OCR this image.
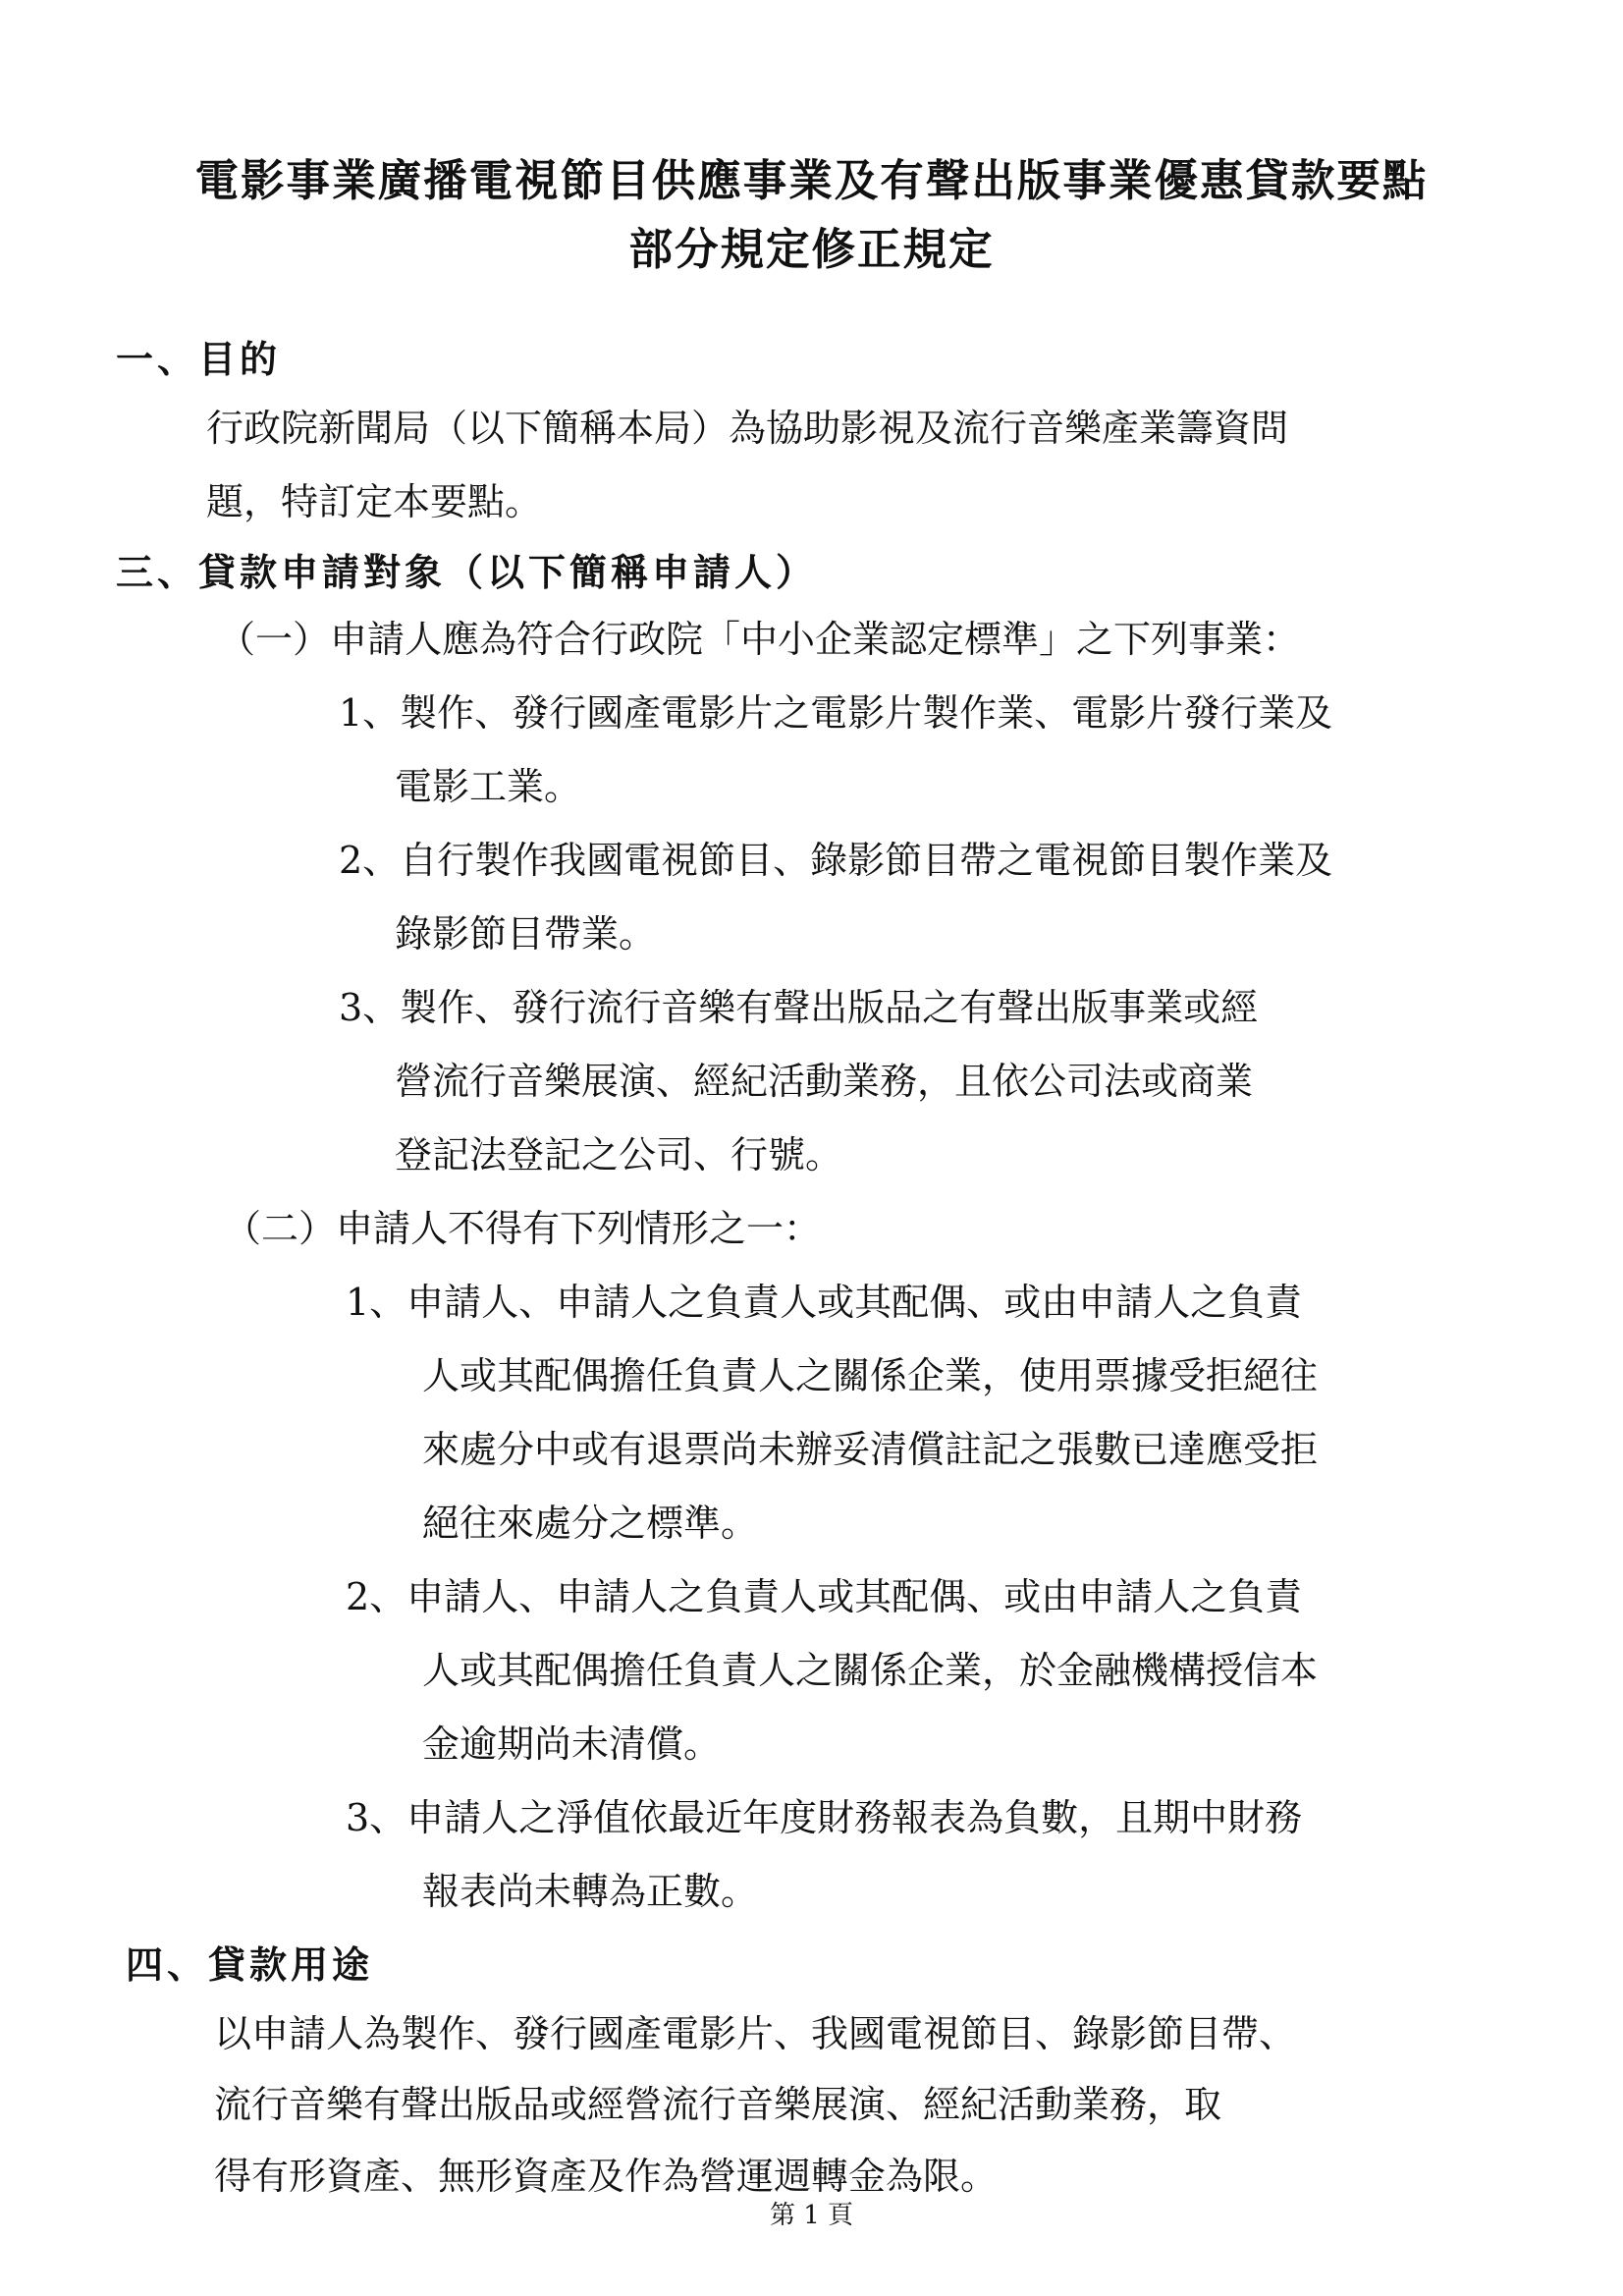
電影事業廣播電視節目供應事業及有聲出版事業優惠貸款要點
部分規定修正規定
一、目的
行政院新聞局（以下簡稱本局）為協助影視及流行音樂產業籌資問
題，特訂定本要點。
三、貸款申請對象（以下簡稱申請人）
（一）申請人應為符合行政院「中小企業認定標準」之下列事業：
1、製作、發行國產電影片之電影片製作業、電影片發行業及
電影工業。
2、自行製作我國電視節目、錄影節目帶之電視節目製作業及
錄影節目帶業。
3、製作、發行流行音樂有聲出版品之有聲出版事業或經
營流行音樂展演、經紀活動業務，且依公司法或商業
登記法登記之公司、行號。
（二）申請人不得有下列情形之一：
1、申請人、申請人之負責人或其配偶、或由申請人之負責
人或其配偶擔任負責人之關係企業，使用票據受拒絕往
來處分中或有退票尚未辦妥清償註記之張數已達應受拒
絕往來處分之標準。
2、申請人、申請人之負責人或其配偶、或由申請人之負責
人或其配偶擔任負責人之關係企業，於金融機構授信本
金逾期尚未清償。
3、申請人之淨值依最近年度財務報表為負數，且期中財務
報表尚未轉為正數。
四、貸款用途
以申請人為製作、發行國產電影片、我國電視節目、錄影節目帶、
流行音樂有聲出版品或經營流行音樂展演、經紀活動業務，取
得有形資產、無形資產及作為營運週轉金為限。
第 1 頁
